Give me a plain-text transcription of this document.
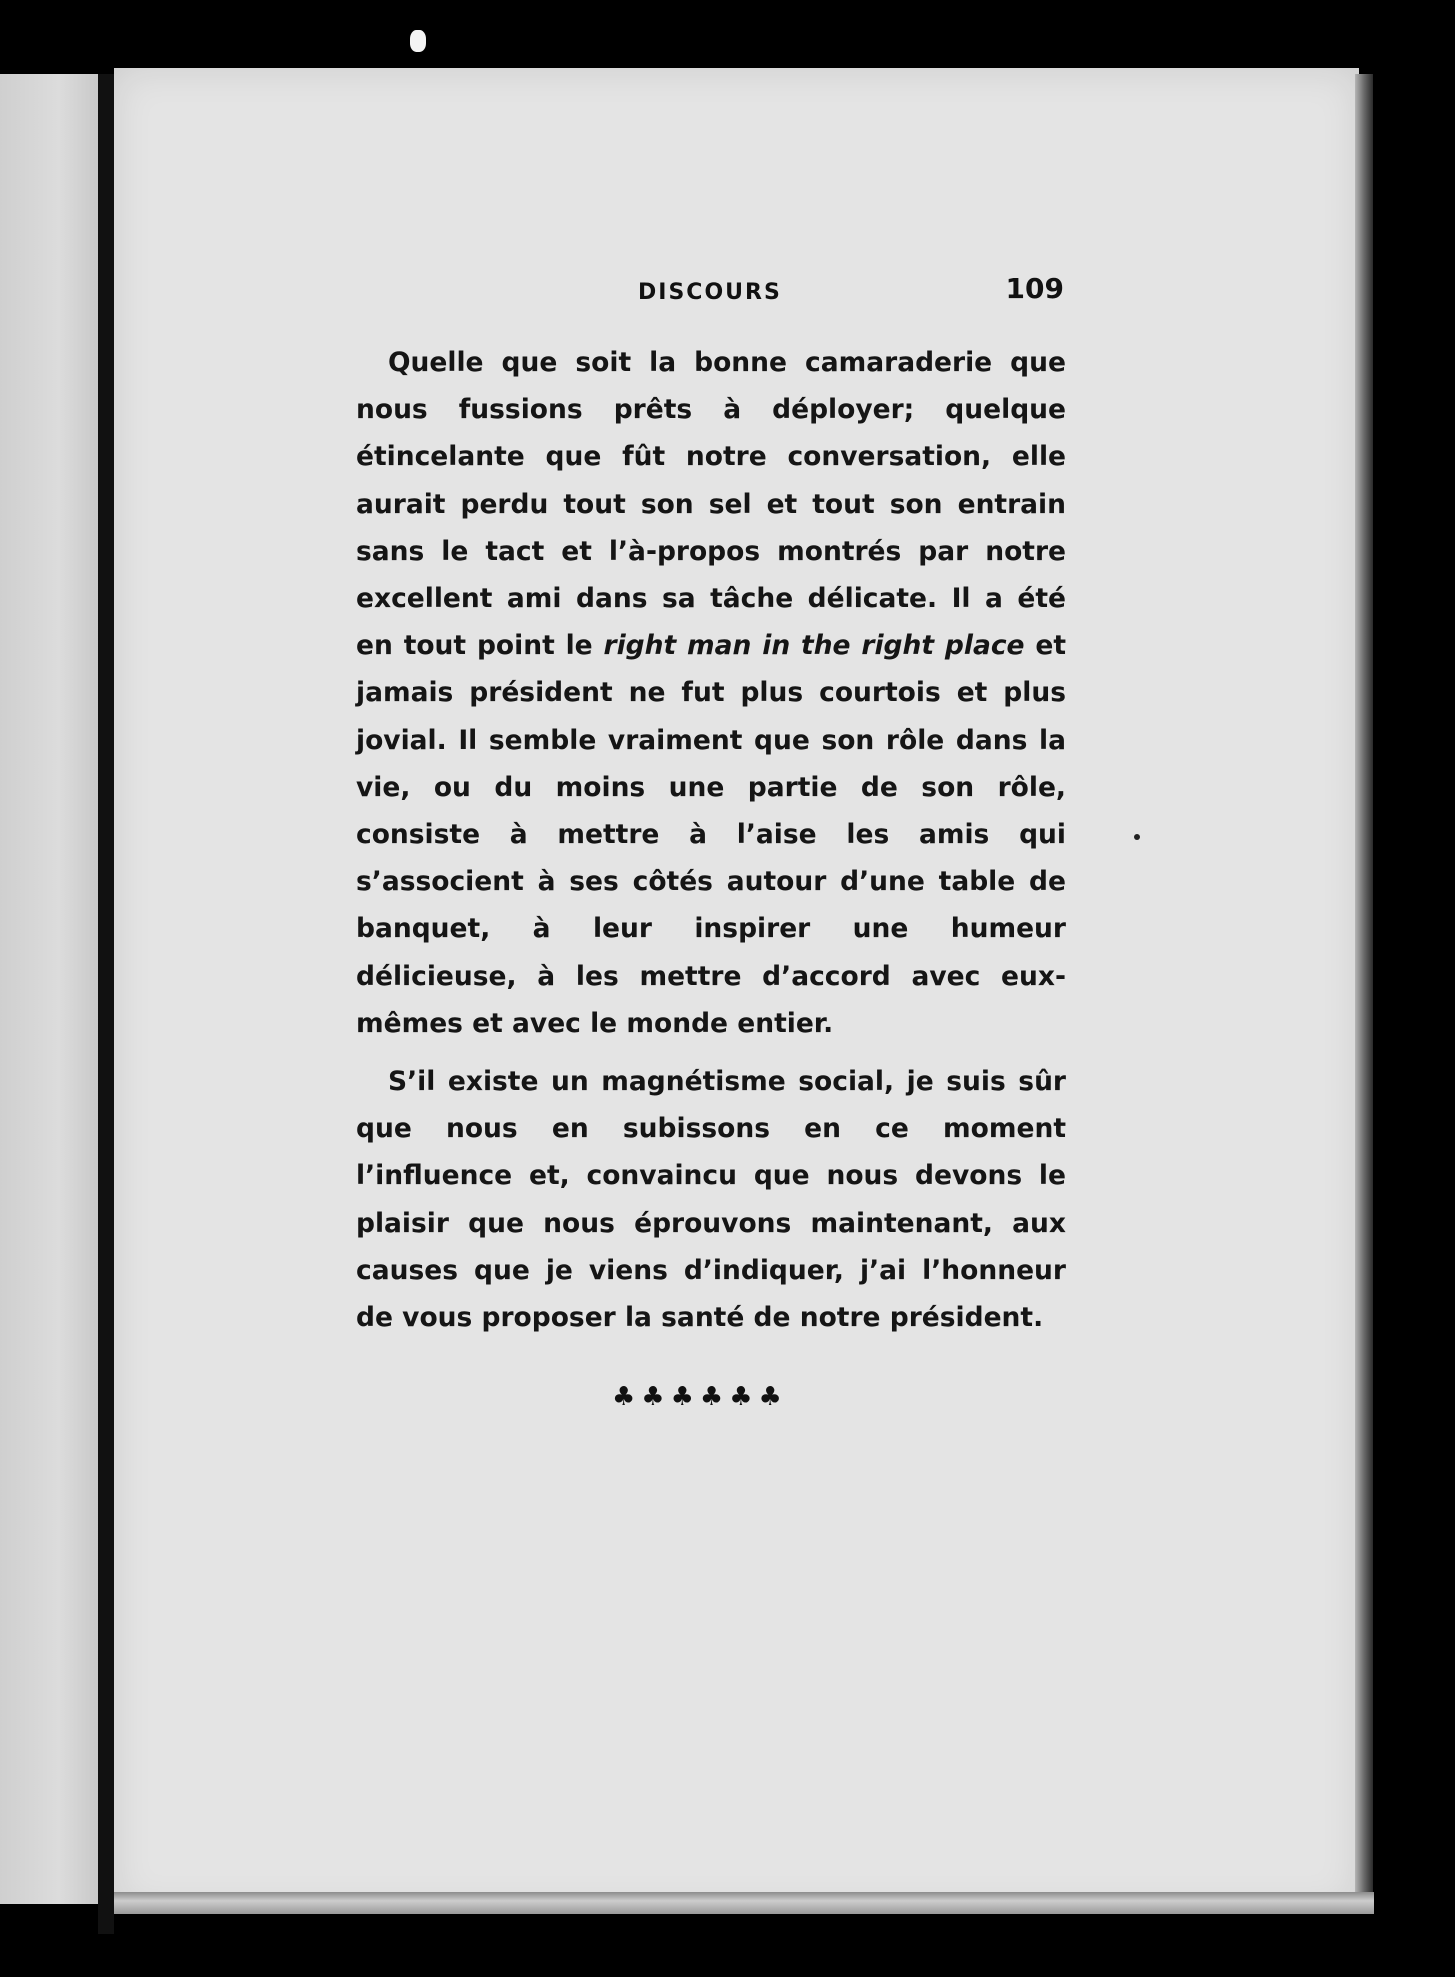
DISCOURS	109

Quelle que soit la bonne camaraderie que nous fussions prêts à déployer; quelque étincelante que fût notre conversation, elle aurait perdu tout son sel et tout son entrain sans le tact et l’à-propos montrés par notre excellent ami dans sa tâche délicate. Il a été en tout point le right man in the right place et jamais président ne fut plus courtois et plus jovial. Il semble vraiment que son rôle dans la vie, ou du moins une partie de son rôle, consiste à mettre à l’aise les amis qui s’associent à ses côtés autour d’une table de banquet, à leur inspirer une humeur délicieuse, à les mettre d’accord avec eux-mêmes et avec le monde entier.

S’il existe un magnétisme social, je suis sûr que nous en subissons en ce moment l’influence et, convaincu que nous devons le plaisir que nous éprouvons maintenant, aux causes que je viens d’indiquer, j’ai l’honneur de vous proposer la santé de notre président.

♣♣♣♣♣♣
